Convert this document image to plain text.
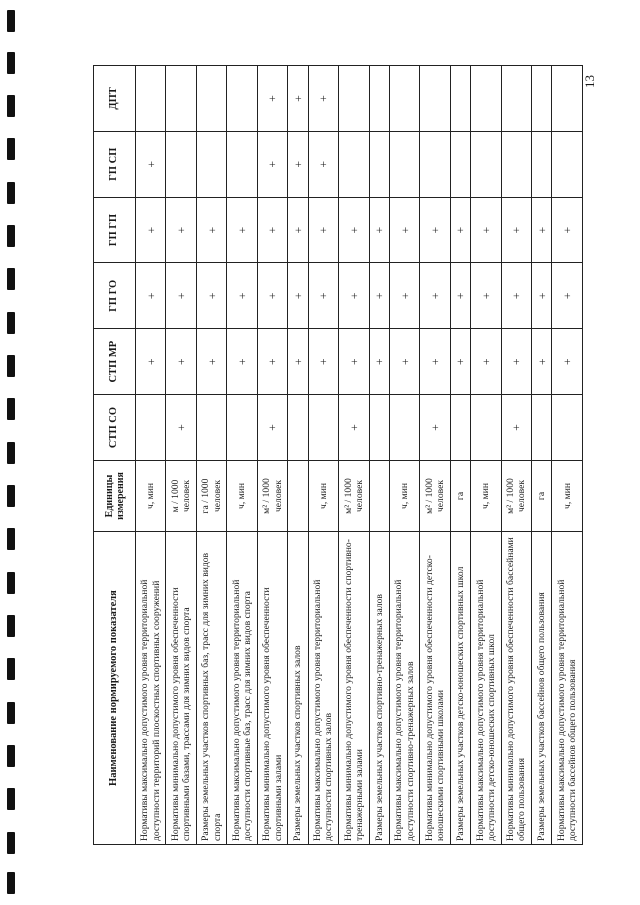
13
Наименование нормируемого показателя	Единицы измерения	СТП СО	СТП МР	ГП ГО	ГП ГП	ГП СП	ДПТ
Нормативы максимально допустимого уровня территориальной доступности территорий плоскостных спортивных сооружений	ч, мин		+	+	+	+	
Нормативы минимально допустимого уровня обеспеченности спортивными базами, трассами для зимних видов спорта	м / 1000 человек	+	+	+	+		
Размеры земельных участков спортивных баз, трасс для зимних видов спорта	га / 1000 человек		+	+	+		
Нормативы максимально допустимого уровня территориальной доступности спортивные баз, трасс для зимних видов спорта	ч, мин		+	+	+		
Нормативы минимально допустимого уровня обеспеченности спортивными залами	м² / 1000 человек	+	+	+	+	+	+
Размеры земельных участков спортивных залов			+	+	+	+	+
Нормативы максимально допустимого уровня территориальной доступности спортивных залов	ч, мин		+	+	+	+	+
Нормативы минимально допустимого уровня обеспеченности спортивно-тренажерными залами	м² / 1000 человек	+	+	+	+		
Размеры земельных участков спортивно-тренажерных залов			+	+	+		
Нормативы максимально допустимого уровня территориальной доступности спортивно-тренажерных залов	ч, мин		+	+	+		
Нормативы минимально допустимого уровня обеспеченности детско-юношескими спортивными школами	м² / 1000 человек	+	+	+	+		
Размеры земельных участков детско-юношеских спортивных школ	га		+	+	+		
Нормативы максимально допустимого уровня территориальной доступности детско-юношеских спортивных школ	ч, мин		+	+	+		
Нормативы минимально допустимого уровня обеспеченности бассейнами общего пользования	м² / 1000 человек	+	+	+	+		
Размеры земельных участков бассейнов общего пользования	га		+	+	+		
Нормативы максимально допустимого уровня территориальной доступности бассейнов общего пользования	ч, мин		+	+	+		
